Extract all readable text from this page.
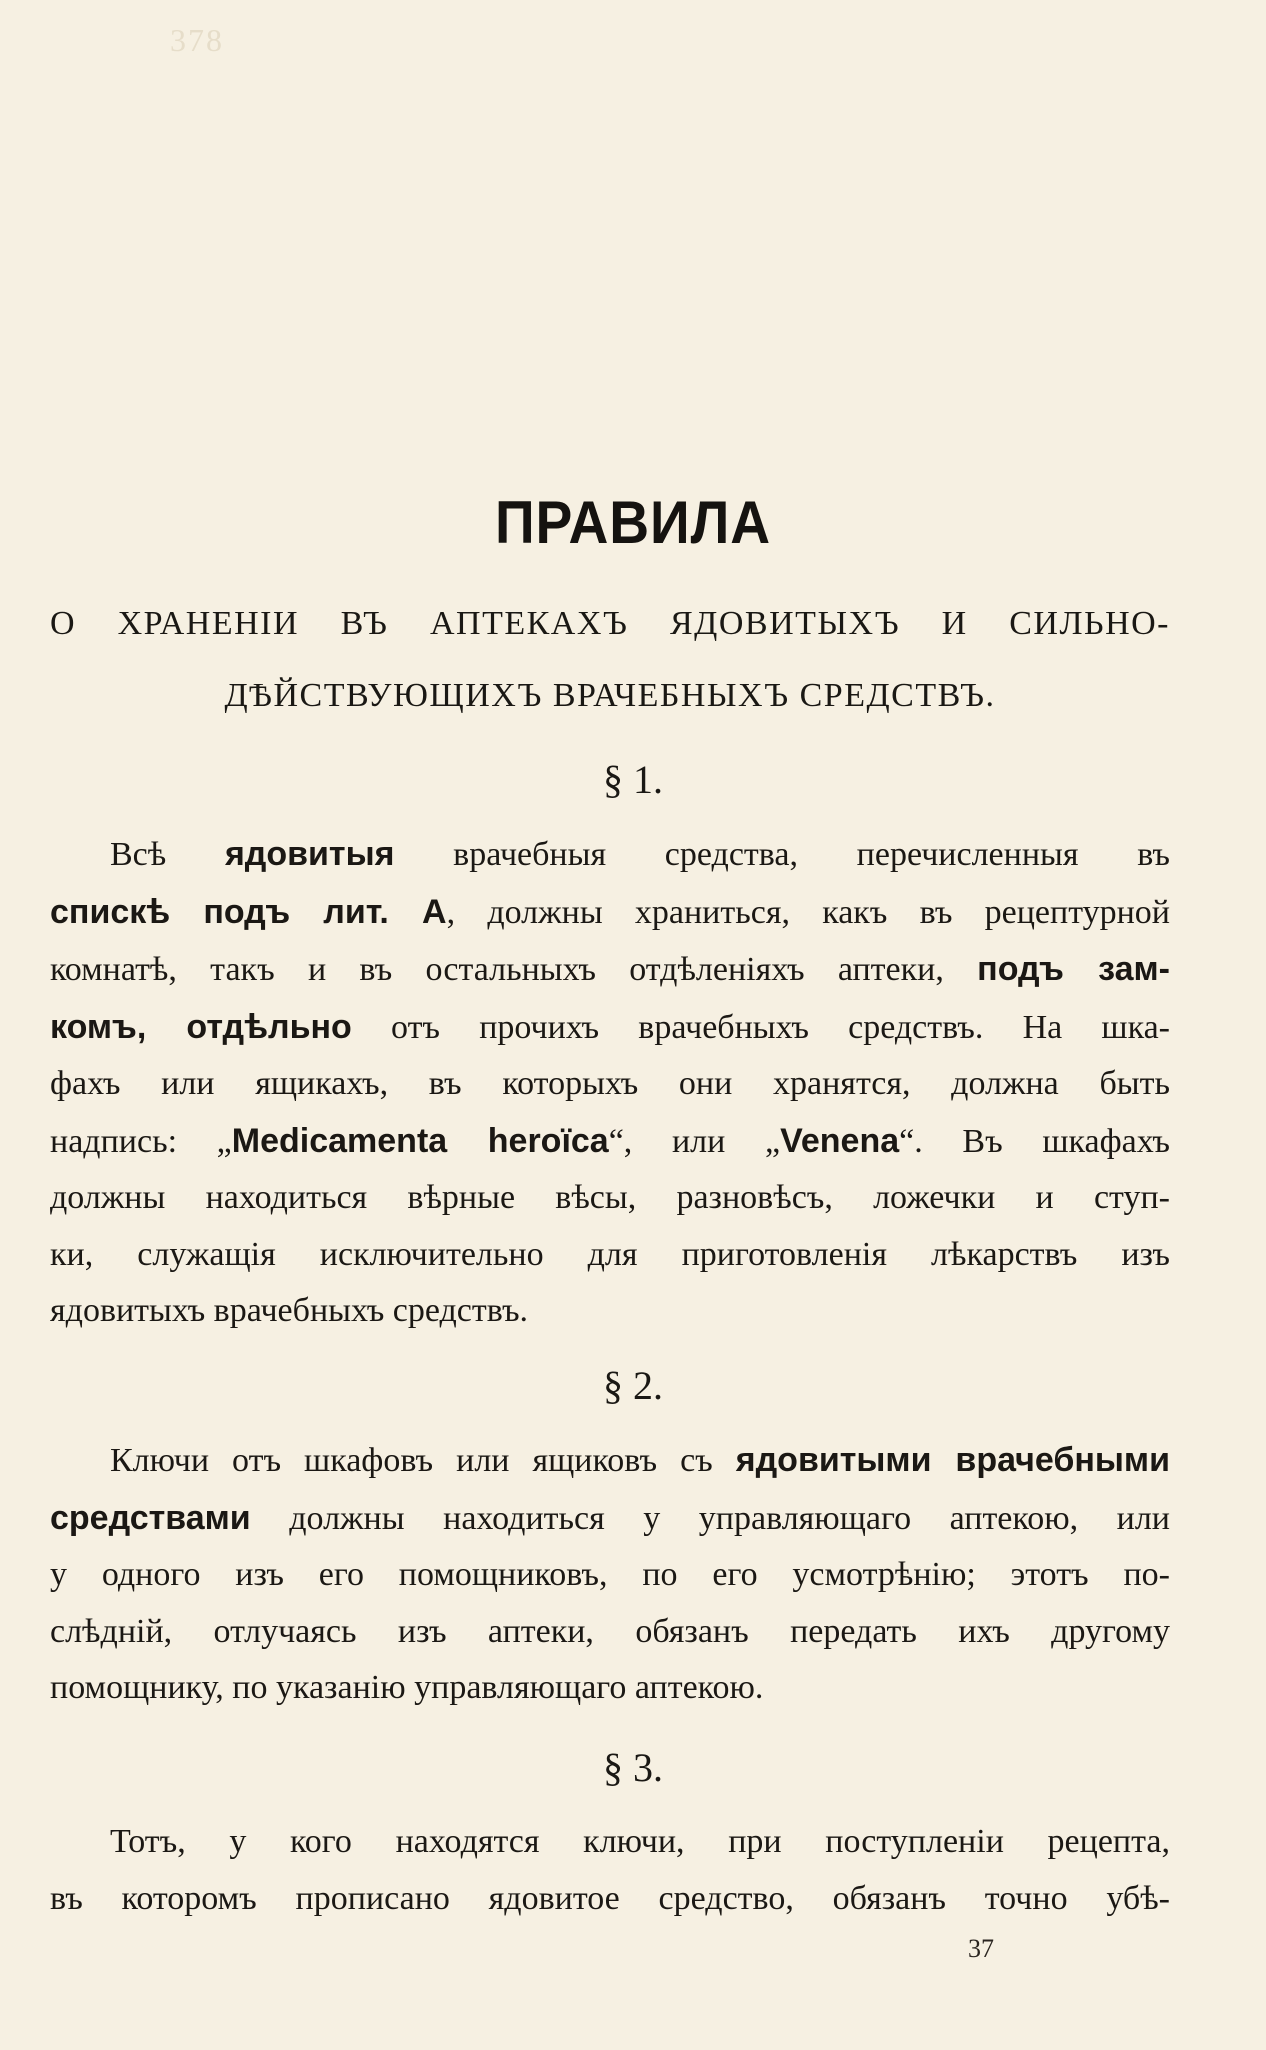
378
ПРАВИЛА
О ХРАНЕНІИ ВЪ АПТЕКАХЪ ЯДОВИТЫХЪ И СИЛЬНО-
ДѢЙСТВУЮЩИХЪ ВРАЧЕБНЫХЪ СРЕДСТВЪ.
§ 1.
Всѣ ядовитыя врачебныя средства, перечисленныя въ
спискѣ подъ лит. А, должны храниться, какъ въ рецептурной
комнатѣ, такъ и въ остальныхъ отдѣленіяхъ аптеки, подъ зам-
комъ, отдѣльно отъ прочихъ врачебныхъ средствъ. На шка-
фахъ или ящикахъ, въ которыхъ они хранятся, должна быть
надпись: „Medicamenta heroïca“, или „Venena“. Въ шкафахъ
должны находиться вѣрные вѣсы, разновѣсъ, ложечки и ступ-
ки, служащія исключительно для приготовленія лѣкарствъ изъ
ядовитыхъ врачебныхъ средствъ.
§ 2.
Ключи отъ шкафовъ или ящиковъ съ ядовитыми врачебными
средствами должны находиться у управляющаго аптекою, или
у одного изъ его помощниковъ, по его усмотрѣнію; этотъ по-
слѣдній, отлучаясь изъ аптеки, обязанъ передать ихъ другому
помощнику, по указанію управляющаго аптекою.
§ 3.
Тотъ, у кого находятся ключи, при поступленіи рецепта,
въ которомъ прописано ядовитое средство, обязанъ точно убѣ-
37
